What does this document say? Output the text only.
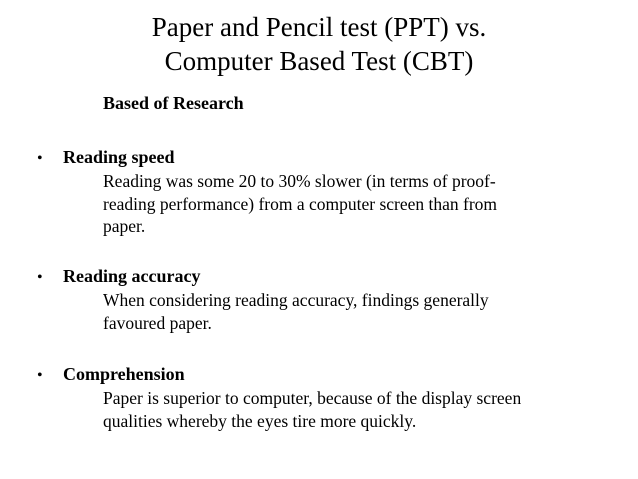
Paper and Pencil test (PPT) vs.
Computer Based Test (CBT)
Based of Research
• Reading speed
Reading was some 20 to 30% slower (in terms of proof-
reading performance) from a computer screen than from
paper.
• Reading accuracy
When considering reading accuracy, findings generally
favoured paper.
• Comprehension
Paper is superior to computer, because of the display screen
qualities whereby the eyes tire more quickly.
